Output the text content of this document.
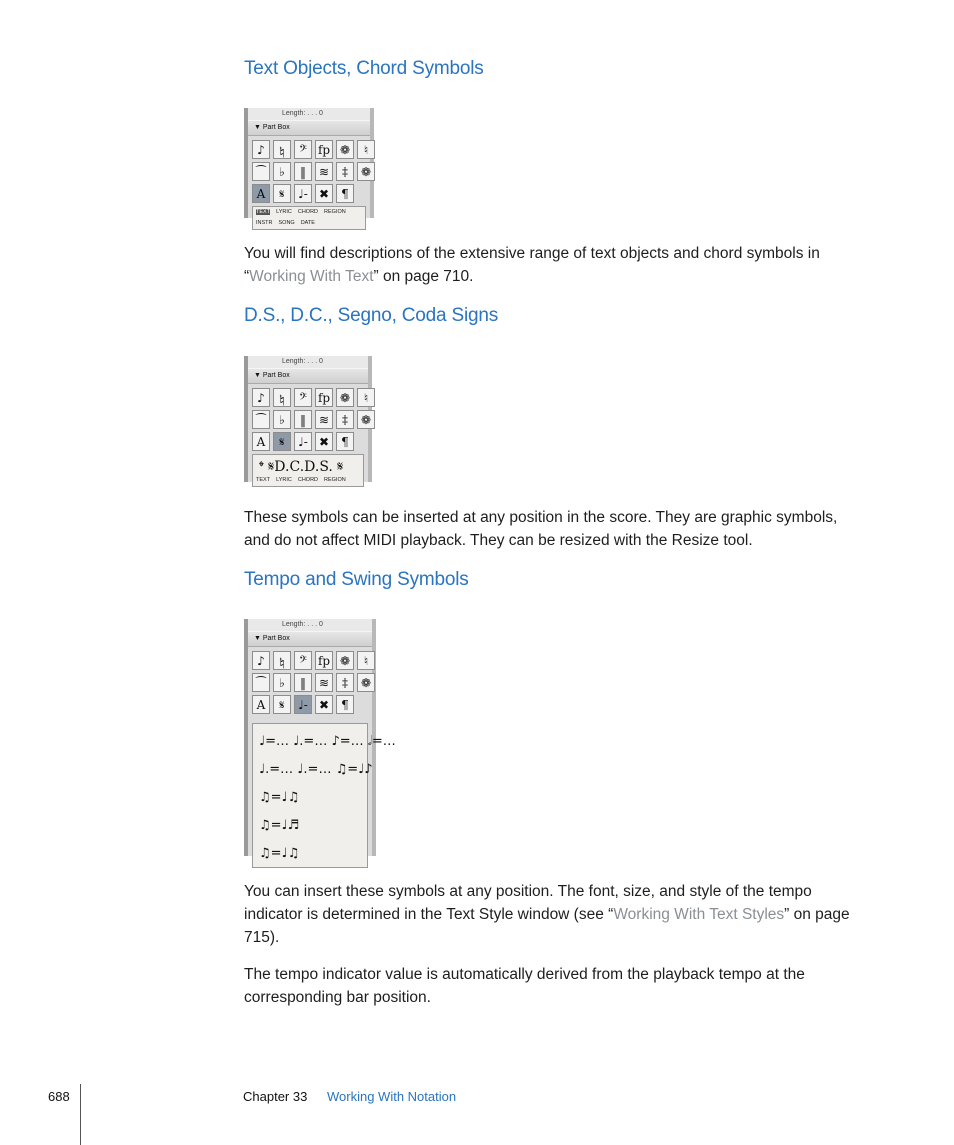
Text Objects, Chord Symbols
Length: . . . 0
▼ Part Box
♪	𝄮	𝄢 fp ❁	♮
⁀	♭	‖	≋	‡	❁
A	𝄋	♩- ✖	¶
TEXT LYRIC CHORD REGION
INSTR SONG DATE

You will find descriptions of the extensive range of text objects and chord symbols in “Working With Text” on page 710.

D.S., D.C., Segno, Coda Signs
Length: . . . 0
▼ Part Box
♪	𝄮	𝄢 fp ❁	♮
⁀	♭	‖	≋	‡	❁
A	𝄋	♩- ✖	¶
𝄌 𝄋D.C.D.S. 𝄋
TEXT LYRIC CHORD REGION

These symbols can be inserted at any position in the score. They are graphic symbols, and do not affect MIDI playback. They can be resized with the Resize tool.

Tempo and Swing Symbols
Length: . . . 0
▼ Part Box
♪	𝄮	𝄢 fp ❁	♮
⁀	♭	‖	≋	‡	❁
A	𝄋	♩- ✖	¶
♩=… ♩.=… ♪=… 𝅗𝅥=…
♩.=… ♩.=… ♫=♩♪
♫=♩♫
♫=♩♬
♫=♩♫

You can insert these symbols at any position. The font, size, and style of the tempo indicator is determined in the Text Style window (see “Working With Text Styles” on page 715).

The tempo indicator value is automatically derived from the playback tempo at the corresponding bar position.

688	Chapter 33 Working With Notation
